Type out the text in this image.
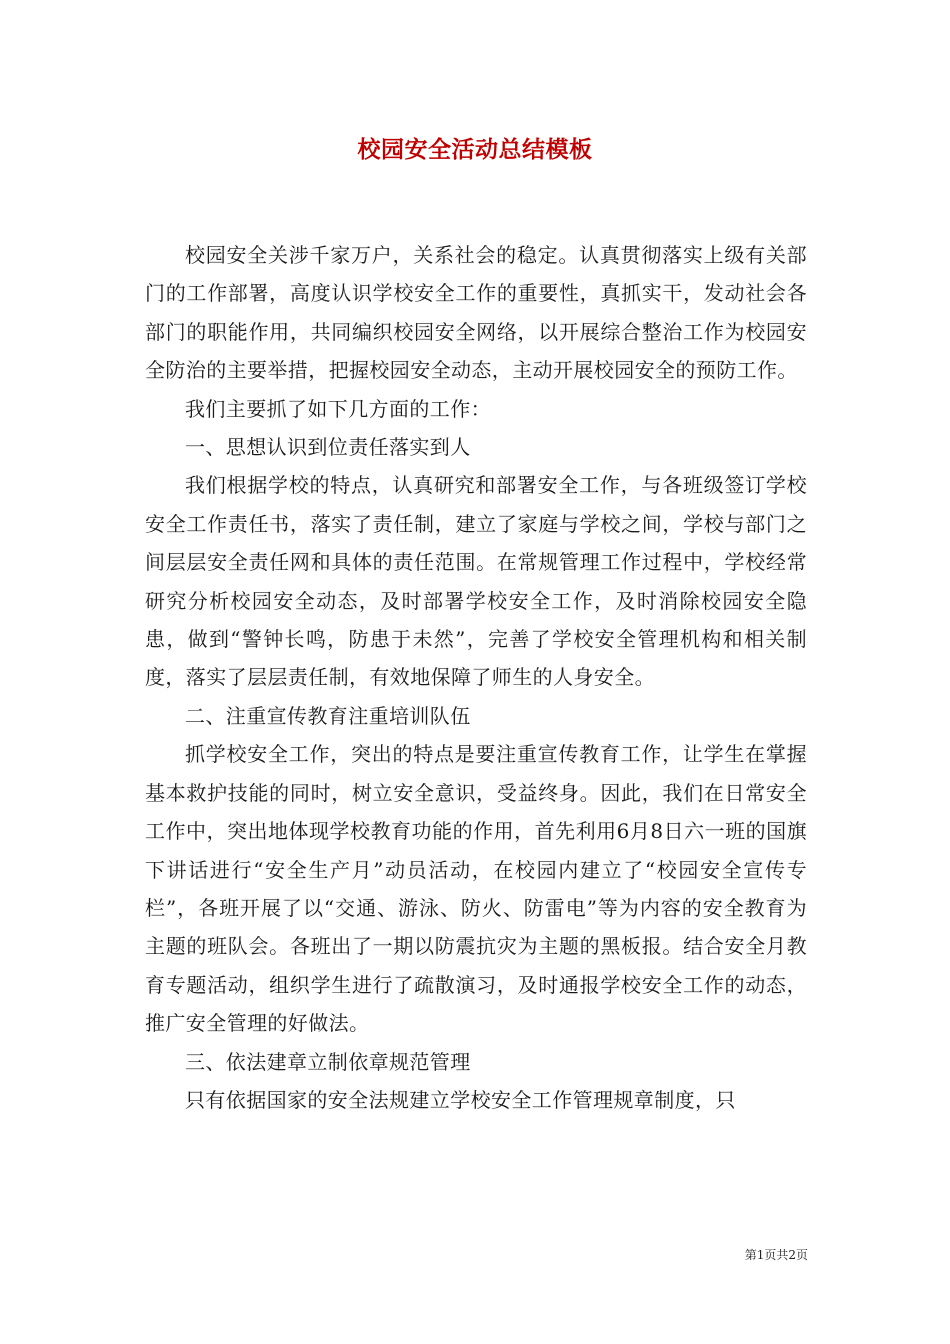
校园安全活动总结模板

校园安全关涉千家万户，关系社会的稳定。认真贯彻落实上级有关部门的工作部署，高度认识学校安全工作的重要性，真抓实干，发动社会各部门的职能作用，共同编织校园安全网络，以开展综合整治工作为校园安全防治的主要举措，把握校园安全动态，主动开展校园安全的预防工作。

我们主要抓了如下几方面的工作：

一、思想认识到位责任落实到人

我们根据学校的特点，认真研究和部署安全工作，与各班级签订学校安全工作责任书，落实了责任制，建立了家庭与学校之间，学校与部门之间层层安全责任网和具体的责任范围。在常规管理工作过程中，学校经常研究分析校园安全动态，及时部署学校安全工作，及时消除校园安全隐患，做到“警钟长鸣，防患于未然”，完善了学校安全管理机构和相关制度，落实了层层责任制，有效地保障了师生的人身安全。

二、注重宣传教育注重培训队伍

抓学校安全工作，突出的特点是要注重宣传教育工作，让学生在掌握基本救护技能的同时，树立安全意识，受益终身。因此，我们在日常安全工作中，突出地体现学校教育功能的作用，首先利用6月8日六一班的国旗下讲话进行“安全生产月”动员活动，在校园内建立了“校园安全宣传专栏”，各班开展了以“交通、游泳、防火、防雷电”等为内容的安全教育为主题的班队会。各班出了一期以防震抗灾为主题的黑板报。结合安全月教育专题活动，组织学生进行了疏散演习，及时通报学校安全工作的动态，推广安全管理的好做法。

三、依法建章立制依章规范管理

只有依据国家的安全法规建立学校安全工作管理规章制度，只

第1页共2页
